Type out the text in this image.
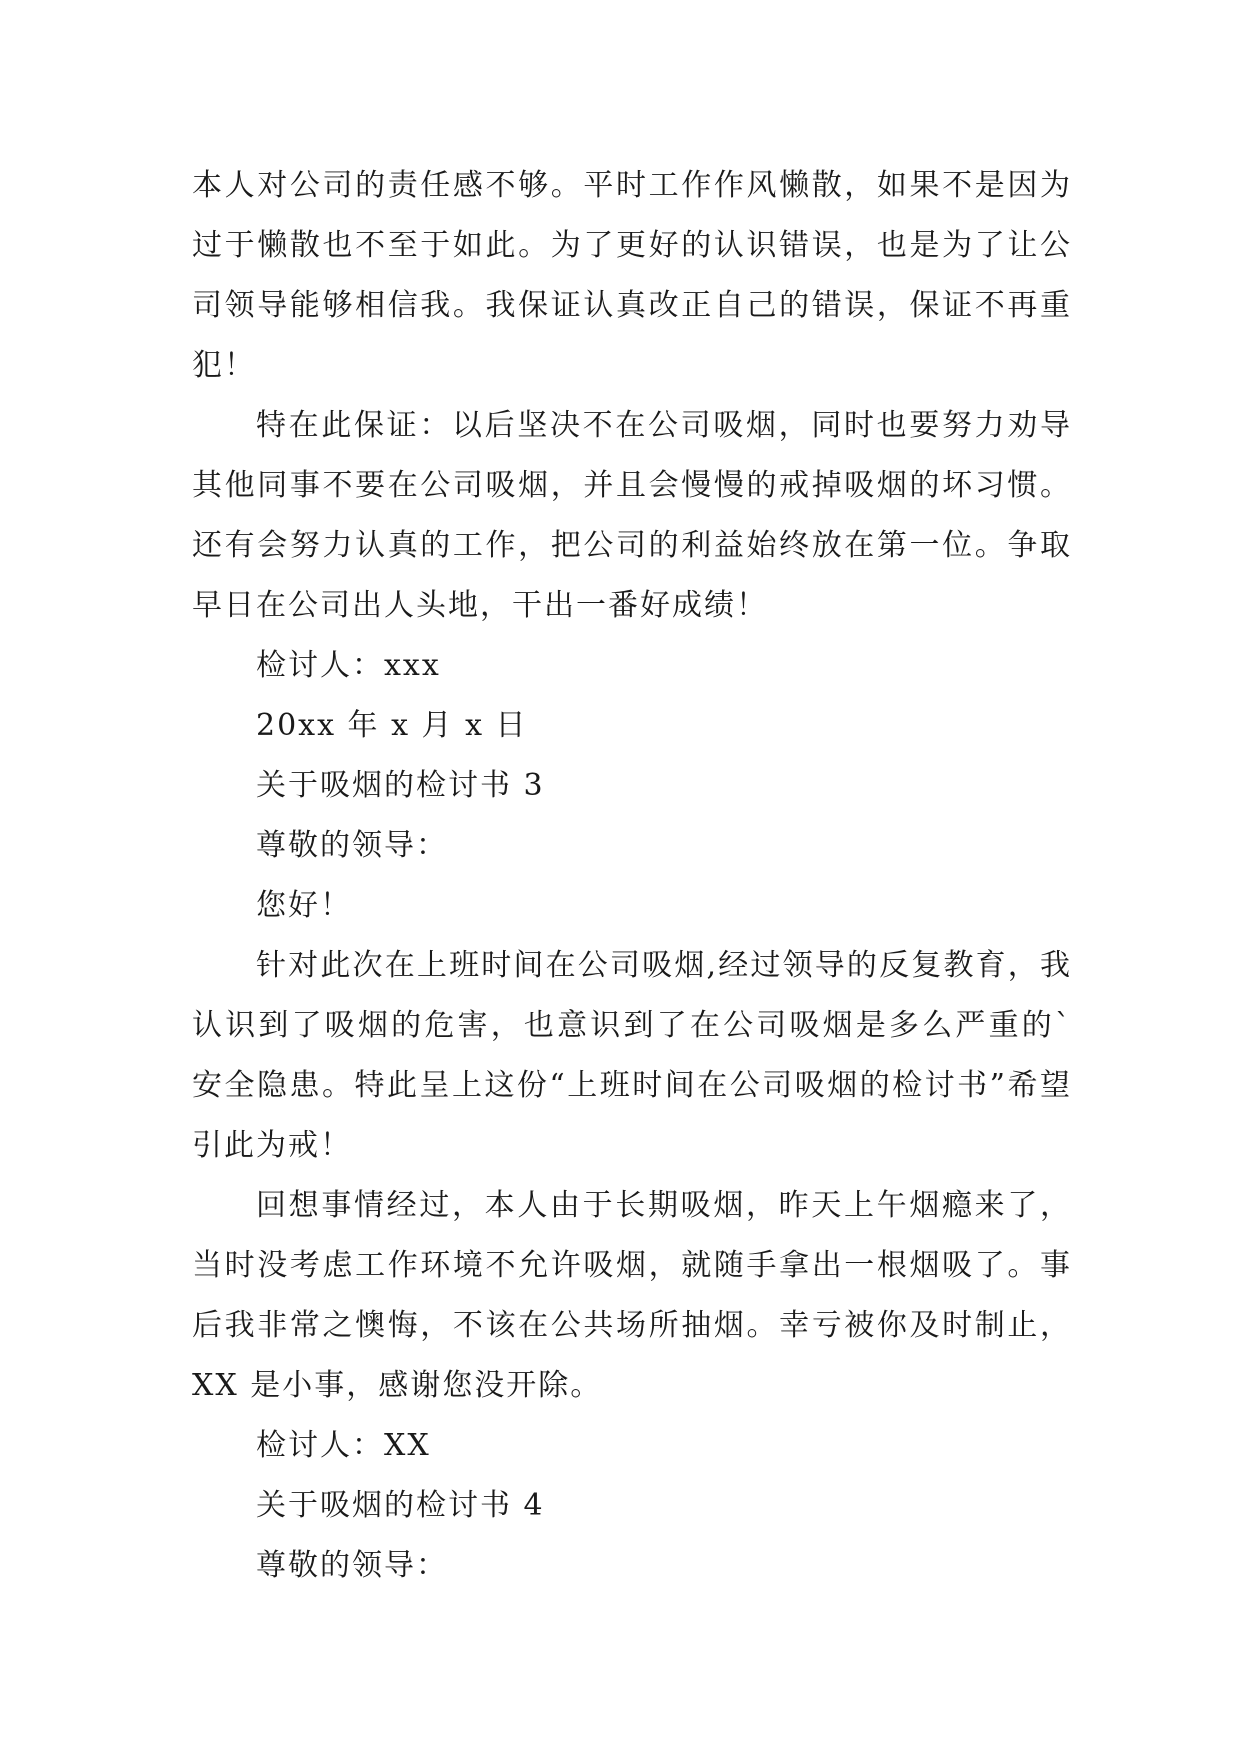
本人对公司的责任感不够。平时工作作风懒散，如果不是因为过于懒散也不至于如此。为了更好的认识错误，也是为了让公司领导能够相信我。我保证认真改正自己的错误，保证不再重犯！

特在此保证：以后坚决不在公司吸烟，同时也要努力劝导其他同事不要在公司吸烟，并且会慢慢的戒掉吸烟的坏习惯。还有会努力认真的工作，把公司的利益始终放在第一位。争取早日在公司出人头地，干出一番好成绩！

检讨人：xxx

20xx 年 x 月 x 日

关于吸烟的检讨书 3

尊敬的领导：

您好！

针对此次在上班时间在公司吸烟,经过领导的反复教育，我认识到了吸烟的危害，也意识到了在公司吸烟是多么严重的`安全隐患。特此呈上这份“上班时间在公司吸烟的检讨书”希望引此为戒！

回想事情经过，本人由于长期吸烟，昨天上午烟瘾来了，当时没考虑工作环境不允许吸烟，就随手拿出一根烟吸了。事后我非常之懊悔，不该在公共场所抽烟。幸亏被你及时制止，XX 是小事，感谢您没开除。

检讨人：XX

关于吸烟的检讨书 4

尊敬的领导：
